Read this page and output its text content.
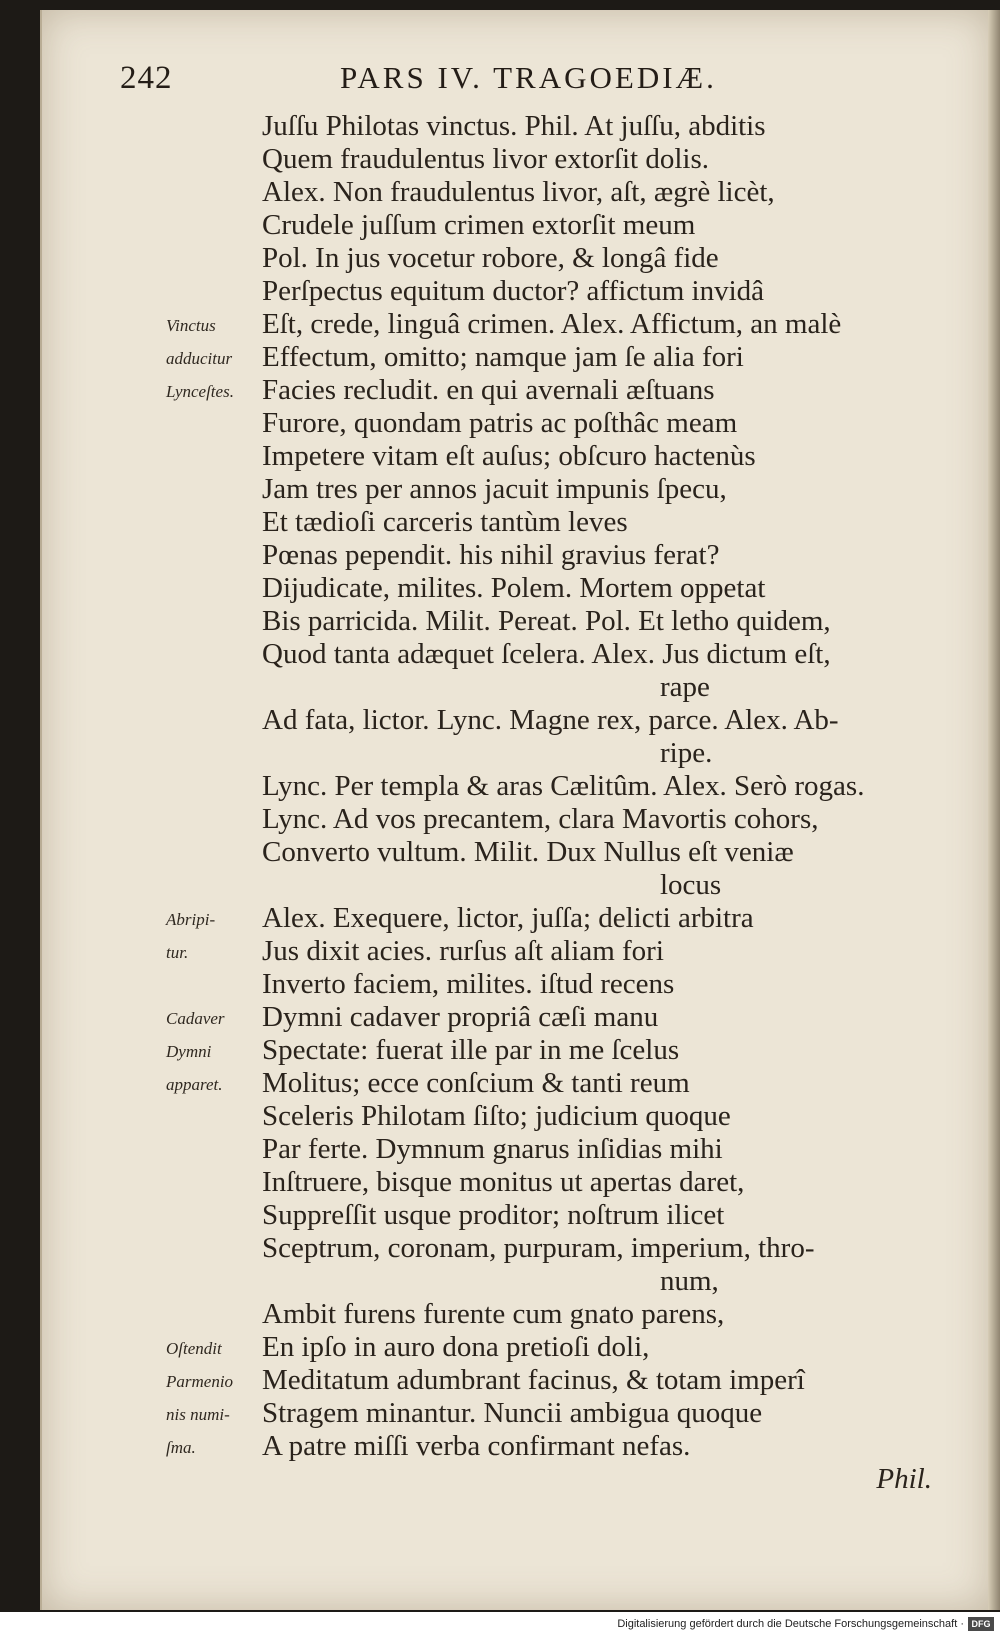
242	PARS IV. TRAGOEDIÆ.
Juſſu Philotas vinctus. Phil. At juſſu, abditis
Quem fraudulentus livor extorſit dolis.
Alex. Non fraudulentus livor, aſt, ægrè licèt,
Crudele juſſum crimen extorſit meum
Pol. In jus vocetur robore, & longâ fide
Perſpectus equitum ductor? affictum invidâ
Vinctus	Eſt, crede, linguâ crimen. Alex. Affictum, an malè
adducitur	Effectum, omitto; namque jam ſe alia fori
Lynceſtes. Facies recludit. en qui avernali æſtuans
Furore, quondam patris ac poſthâc meam
Impetere vitam eſt auſus; obſcuro hactenùs
Jam tres per annos jacuit impunis ſpecu,
Et tædioſi carceris tantùm leves
Pœnas pependit. his nihil gravius ferat?
Dijudicate, milites. Polem. Mortem oppetat
Bis parricida. Milit. Pereat. Pol. Et letho quidem,
Quod tanta adæquet ſcelera. Alex. Jus dictum eſt,
rape
Ad fata, lictor. Lync. Magne rex, parce. Alex. Ab-
ripe.
Lync. Per templa & aras Cælitûm. Alex. Serò rogas.
Lync. Ad vos precantem, clara Mavortis cohors,
Converto vultum. Milit. Dux Nullus eſt veniæ
locus
Abripi-	Alex. Exequere, lictor, juſſa; delicti arbitra
tur.	Jus dixit acies. rurſus aſt aliam fori
Inverto faciem, milites. iſtud recens
Cadaver	Dymni cadaver propriâ cæſi manu
Dymni	Spectate: fuerat ille par in me ſcelus
apparet.	Molitus; ecce conſcium & tanti reum
Sceleris Philotam ſiſto; judicium quoque
Par ferte. Dymnum gnarus inſidias mihi
Inſtruere, bisque monitus ut apertas daret,
Suppreſſit usque proditor; noſtrum ilicet
Sceptrum, coronam, purpuram, imperium, thro-
num,
Ambit furens furente cum gnato parens,
Oſtendit	En ipſo in auro dona pretioſi doli,
Parmenio Meditatum adumbrant facinus, & totam imperî
nis numi-	Stragem minantur. Nuncii ambigua quoque
ſma.	A patre miſſi verba confirmant nefas.
Phil.
Digitalisierung gefördert durch die Deutsche Forschungsgemeinschaft · DFG
